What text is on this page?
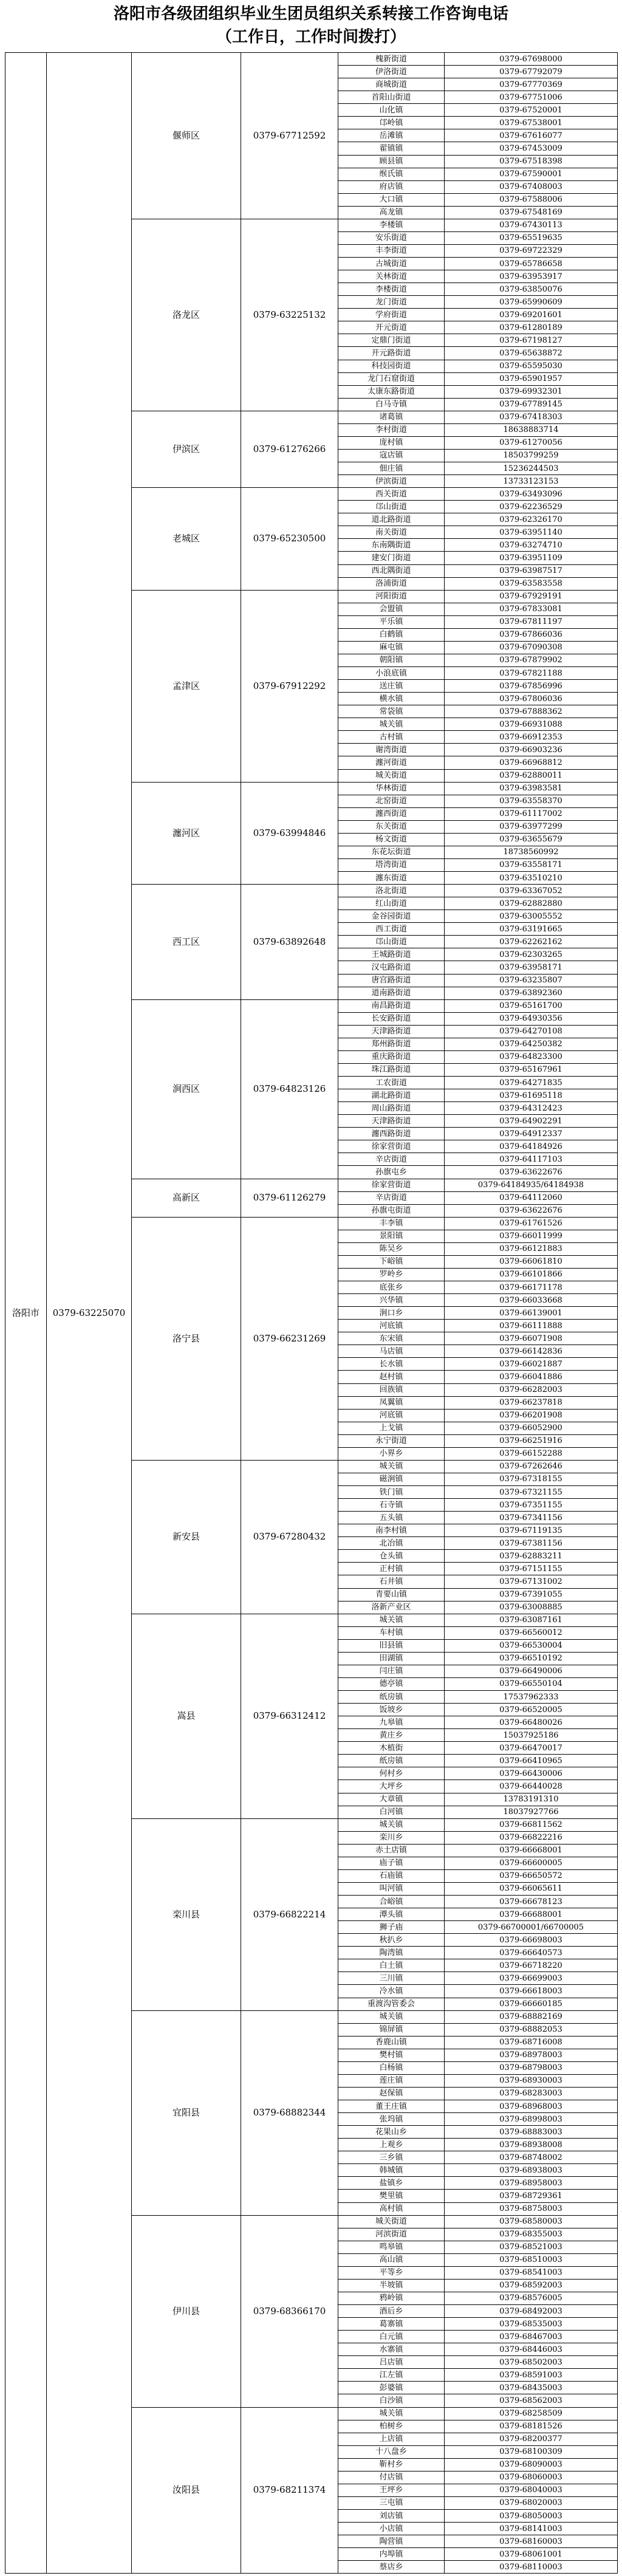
洛阳市各级团组织毕业生团员组织关系转接工作咨询电话
（工作日，工作时间拨打）
洛阳市	0379-63225070	偃师区	0379-67712592	槐新街道	0379-67698000
				伊洛街道	0379-67792079
				商城街道	0379-67770369
				首阳山街道	0379-67751006
				山化镇	0379-67520001
				邙岭镇	0379-67538001
				岳滩镇	0379-67616077
				翟镇镇	0379-67453009
				顾县镇	0379-67518398
				缑氏镇	0379-67590001
				府店镇	0379-67408003
				大口镇	0379-67588006
				高龙镇	0379-67548169
		洛龙区	0379-63225132	李楼镇	0379-67430113
				安乐街道	0379-65519635
				丰李街道	0379-69722329
				古城街道	0379-65786658
				关林街道	0379-63953917
				李楼街道	0379-63850076
				龙门街道	0379-65990609
				学府街道	0379-69201601
				开元街道	0379-61280189
				定鼎门街道	0379-67198127
				开元路街道	0379-65638872
				科技园街道	0379-65595030
				龙门石窟街道	0379-65901957
				太康东路街道	0379-69932301
				白马寺镇	0379-67789145
		伊滨区	0379-61276266	诸葛镇	0379-67418303
				李村街道	18638883714
				庞村镇	0379-61270056
				寇店镇	18503799259
				佃庄镇	15236244503
				伊滨街道	13733123153
		老城区	0379-65230500	西关街道	0379-63493096
				邙山街道	0379-62236529
				道北路街道	0379-62326170
				南关街道	0379-63951140
				东南隅街道	0379-63274710
				建安门街道	0379-63951109
				西北隅街道	0379-63987517
				洛浦街道	0379-63583558
		孟津区	0379-67912292	河阳街道	0379-67929191
				会盟镇	0379-67833081
				平乐镇	0379-67811197
				白鹤镇	0379-67866036
				麻屯镇	0379-67090308
				朝阳镇	0379-67879902
				小浪底镇	0379-67821188
				送庄镇	0379-67856996
				横水镇	0379-67806036
				常袋镇	0379-67888362
				城关镇	0379-66931088
				古村镇	0379-66912353
				谢湾街道	0379-66903236
				瀍河街道	0379-66968812
				城关街道	0379-62880011
		瀍河区	0379-63994846	华林街道	0379-63983581
				北窑街道	0379-63558370
				瀍西街道	0379-61117002
				东关街道	0379-63977299
				杨文街道	0379-63655679
				东花坛街道	18738560992
				塔湾街道	0379-63558171
				瀍东街道	0379-63510210
		西工区	0379-63892648	洛北街道	0379-63367052
				红山街道	0379-62882880
				金谷园街道	0379-63005552
				西工街道	0379-63191665
				邙山街道	0379-62262162
				王城路街道	0379-62303265
				汉屯路街道	0379-63958171
				唐宫路街道	0379-63235807
				道南路街道	0379-63892360
		涧西区	0379-64823126	南昌路街道	0379-65161700
				长安路街道	0379-64930356
				天津路街道	0379-64270108
				郑州路街道	0379-64250382
				重庆路街道	0379-64823300
				珠江路街道	0379-65167961
				工农街道	0379-64271835
				湖北路街道	0379-61695118
				周山路街道	0379-64312423
				天津路街道	0379-64902291
				瀍西路街道	0379-64912337
				徐家营街道	0379-64184926
				辛店街道	0379-64117103
				孙旗屯乡	0379-63622676
		高新区	0379-61126279	徐家营街道	0379-64184935/64184938
				辛店街道	0379-64112060
				孙旗屯街道	0379-63622676
		洛宁县	0379-66231269	丰李镇	0379-61761526
				景阳镇	0379-66011999
				陈吴乡	0379-66121883
				下峪镇	0379-66061810
				罗岭乡	0379-66101866
				底张乡	0379-66171178
				兴华镇	0379-66033668
				涧口乡	0379-66139001
				河底镇	0379-66111888
				东宋镇	0379-66071908
				马店镇	0379-66142836
				长水镇	0379-66021887
				赵村镇	0379-66041886
				回族镇	0379-66282003
				凤翼镇	0379-66237818
				河底镇	0379-66201908
				上戈镇	0379-66052900
				永宁街道	0379-66251916
				小界乡	0379-66152288
		新安县	0379-67280432	城关镇	0379-67262646
				磁涧镇	0379-67318155
				铁门镇	0379-67321155
				石寺镇	0379-67351155
				五头镇	0379-67341156
				南李村镇	0379-67119135
				北冶镇	0379-67381156
				仓头镇	0379-62883211
				正村镇	0379-67151155
				石井镇	0379-67131002
				青要山镇	0379-67391055
				洛新产业区	0379-63008885
		嵩县	0379-66312412	城关镇	0379-63087161
				车村镇	0379-66560012
				旧县镇	0379-66530004
				田湖镇	0379-66510192
				闫庄镇	0379-66490006
				德亭镇	0379-66550104
				纸房镇	17537962333
				饭坡乡	0379-66520005
				九皋镇	0379-66480026
				黄庄乡	15037925186
				木植街	0379-66470017
				纸房镇	0379-66410965
				何村乡	0379-66430006
				大坪乡	0379-66440028
				大章镇	13783191310
				白河镇	18037927766
		栾川县	0379-66822214	城关镇	0379-66811562
				栾川乡	0379-66822216
				赤土店镇	0379-66668001
				庙子镇	0379-66600005
				石庙镇	0379-66650572
				叫河镇	0379-66065611
				合峪镇	0379-66678123
				潭头镇	0379-66688001
				狮子庙	0379-66700001/66700005
				秋扒乡	0379-66698003
				陶湾镇	0379-66640573
				白土镇	0379-66718220
				三川镇	0379-66699003
				冷水镇	0379-66618003
				重渡沟管委会	0379-66660185
		宜阳县	0379-68882344	城关镇	0379-68882169
				锦屏镇	0379-68882053
				香鹿山镇	0379-68716008
				樊村镇	0379-68978003
				白杨镇	0379-68798003
				莲庄镇	0379-68930003
				赵保镇	0379-68283003
				董王庄镇	0379-68968003
				张坞镇	0379-68998003
				花果山乡	0379-68883003
				上观乡	0379-68938008
				三乡镇	0379-68748002
				韩城镇	0379-68938003
				盐镇乡	0379-68958003
				樊里镇	0379-68729361
				高村镇	0379-68758003
		伊川县	0379-68366170	城关街道	0379-68580003
				河滨街道	0379-68355003
				鸣皋镇	0379-68521003
				高山镇	0379-68510003
				平等乡	0379-68541003
				半坡镇	0379-68592003
				鸦岭镇	0379-68576005
				酒后乡	0379-68492003
				葛寨镇	0379-68535003
				白元镇	0379-68467003
				水寨镇	0379-68446003
				吕店镇	0379-68502003
				江左镇	0379-68591003
				彭婆镇	0379-68435003
				白沙镇	0379-68562003
		汝阳县	0379-68211374	城关镇	0379-68258509
				柏树乡	0379-68181526
				上店镇	0379-68200377
				十八盘乡	0379-68100309
				靳村乡	0379-68090003
				付店镇	0379-68060003
				王坪乡	0379-68040003
				三屯镇	0379-68020003
				刘店镇	0379-68050003
				小店镇	0379-68141003
				陶营镇	0379-68160003
				内埠镇	0379-68061001
				蔡店乡	0379-68110003
